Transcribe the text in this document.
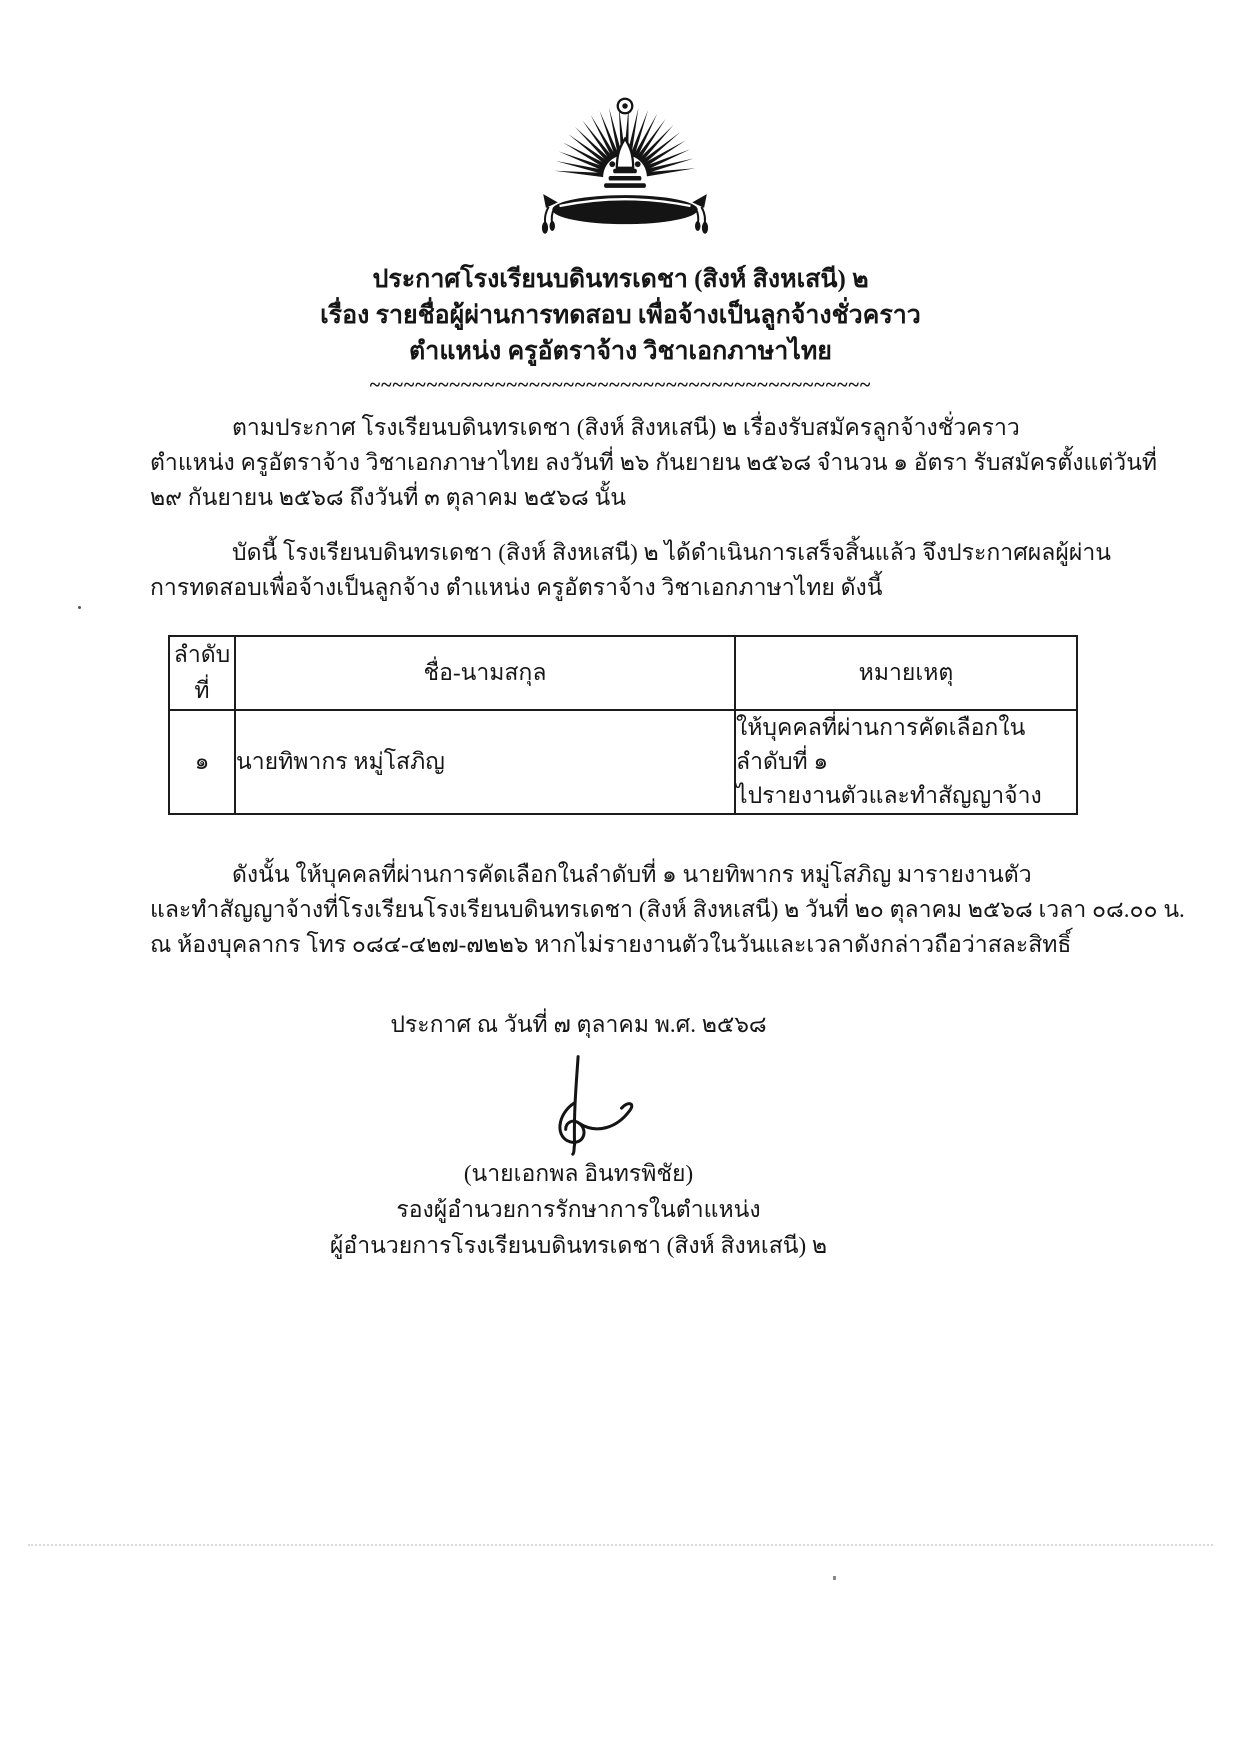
ประกาศโรงเรียนบดินทรเดชา (สิงห์ สิงหเสนี) ๒
เรื่อง รายชื่อผู้ผ่านการทดสอบ เพื่อจ้างเป็นลูกจ้างชั่วคราว
ตำแหน่ง ครูอัตราจ้าง วิชาเอกภาษาไทย
~~~~~~~~~~~~~~~~~~~~~~~~~~~~~~~~~~~~~~~~~~~~
ตามประกาศ โรงเรียนบดินทรเดชา (สิงห์ สิงหเสนี) ๒ เรื่องรับสมัครลูกจ้างชั่วคราว
ตำแหน่ง ครูอัตราจ้าง วิชาเอกภาษาไทย ลงวันที่ ๒๖ กันยายน ๒๕๖๘ จำนวน ๑ อัตรา รับสมัครตั้งแต่วันที่
๒๙ กันยายน ๒๕๖๘ ถึงวันที่ ๓ ตุลาคม ๒๕๖๘ นั้น
บัดนี้ โรงเรียนบดินทรเดชา (สิงห์ สิงหเสนี) ๒ ได้ดำเนินการเสร็จสิ้นแล้ว จึงประกาศผลผู้ผ่าน
การทดสอบเพื่อจ้างเป็นลูกจ้าง ตำแหน่ง ครูอัตราจ้าง วิชาเอกภาษาไทย ดังนี้
ลำดับที่	ชื่อ-นามสกุล	หมายเหตุ
๑	นายทิพากร หมู่โสภิญ	ให้บุคคลที่ผ่านการคัดเลือกในลำดับที่ ๑
ไปรายงานตัวและทำสัญญาจ้าง
ดังนั้น ให้บุคคลที่ผ่านการคัดเลือกในลำดับที่ ๑ นายทิพากร หมู่โสภิญ มารายงานตัว
และทำสัญญาจ้างที่โรงเรียนโรงเรียนบดินทรเดชา (สิงห์ สิงหเสนี) ๒ วันที่ ๒๐ ตุลาคม ๒๕๖๘ เวลา ๐๘.๐๐ น.
ณ ห้องบุคลากร โทร ๐๘๔-๔๒๗-๗๒๒๖ หากไม่รายงานตัวในวันและเวลาดังกล่าวถือว่าสละสิทธิ์
ประกาศ ณ วันที่ ๗ ตุลาคม พ.ศ. ๒๕๖๘
(นายเอกพล อินทรพิชัย)
รองผู้อำนวยการรักษาการในตำแหน่ง
ผู้อำนวยการโรงเรียนบดินทรเดชา (สิงห์ สิงหเสนี) ๒
